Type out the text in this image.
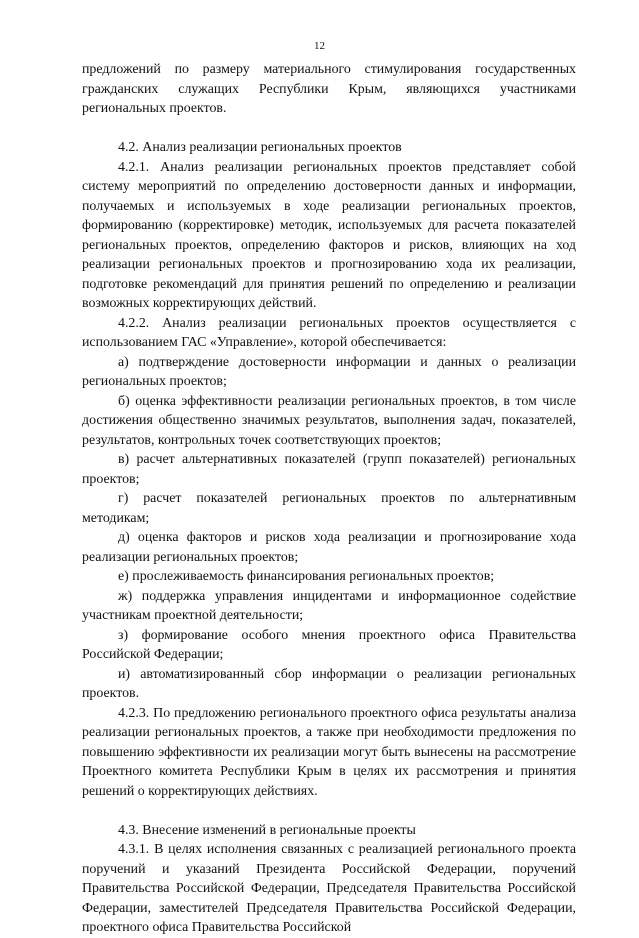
12

предложений по размеру материального стимулирования государственных гражданских служащих Республики Крым, являющихся участниками региональных проектов.

4.2. Анализ реализации региональных проектов

4.2.1. Анализ реализации региональных проектов представляет собой систему мероприятий по определению достоверности данных и информации, получаемых и используемых в ходе реализации региональных проектов, формированию (корректировке) методик, используемых для расчета показателей региональных проектов, определению факторов и рисков, влияющих на ход реализации региональных проектов и прогнозированию хода их реализации, подготовке рекомендаций для принятия решений по определению и реализации возможных корректирующих действий.

4.2.2. Анализ реализации региональных проектов осуществляется с использованием ГАС «Управление», которой обеспечивается:

а) подтверждение достоверности информации и данных о реализации региональных проектов;

б) оценка эффективности реализации региональных проектов, в том числе достижения общественно значимых результатов, выполнения задач, показателей, результатов, контрольных точек соответствующих проектов;

в) расчет альтернативных показателей (групп показателей) региональных проектов;

г) расчет показателей региональных проектов по альтернативным методикам;

д) оценка факторов и рисков хода реализации и прогнозирование хода реализации региональных проектов;

е) прослеживаемость финансирования региональных проектов;

ж) поддержка управления инцидентами и информационное содействие участникам проектной деятельности;

з) формирование особого мнения проектного офиса Правительства Российской Федерации;

и) автоматизированный сбор информации о реализации региональных проектов.

4.2.3. По предложению регионального проектного офиса результаты анализа реализации региональных проектов, а также при необходимости предложения по повышению эффективности их реализации могут быть вынесены на рассмотрение Проектного комитета Республики Крым в целях их рассмотрения и принятия решений о корректирующих действиях.

4.3. Внесение изменений в региональные проекты

4.3.1. В целях исполнения связанных с реализацией регионального проекта поручений и указаний Президента Российской Федерации, поручений Правительства Российской Федерации, Председателя Правительства Российской Федерации, заместителей Председателя Правительства Российской Федерации, проектного офиса Правительства Российской
